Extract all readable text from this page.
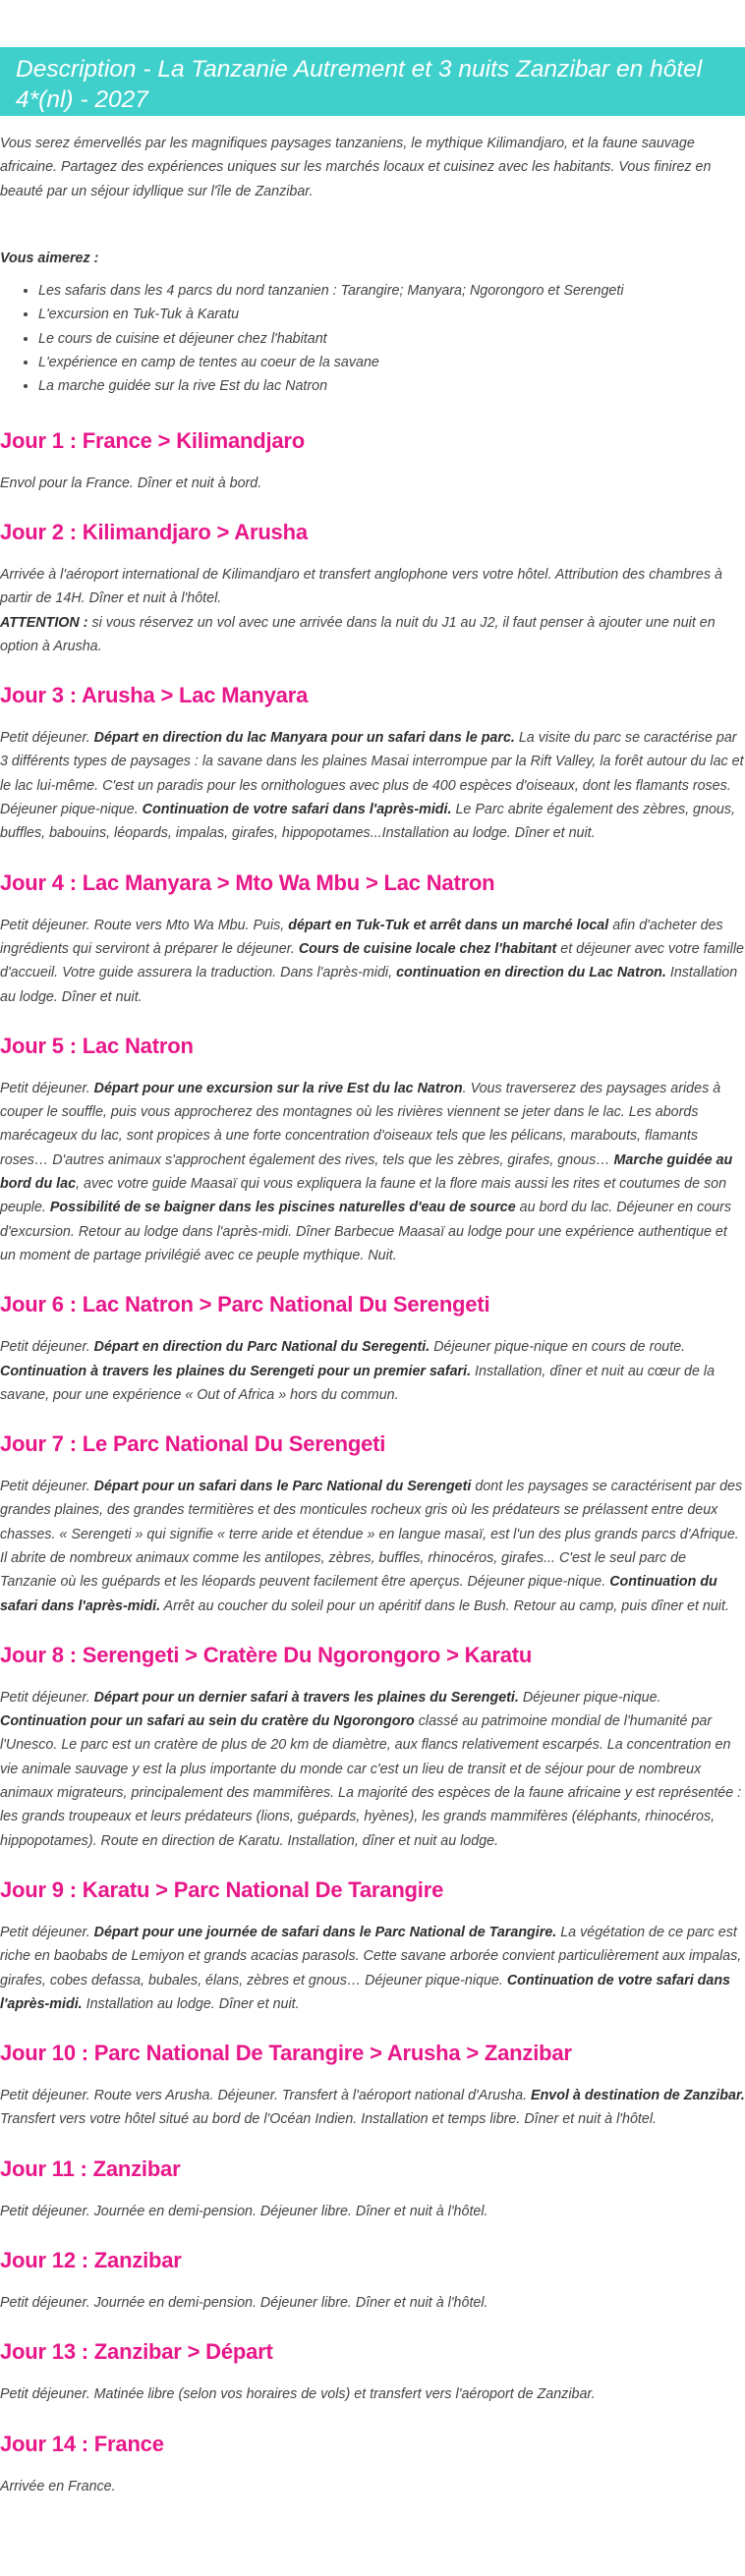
Description - La Tanzanie Autrement et 3 nuits Zanzibar en hôtel 4*(nl) - 2027

Vous serez émervellés par les magnifiques paysages tanzaniens, le mythique Kilimandjaro, et la faune sauvage africaine. Partagez des expériences uniques sur les marchés locaux et cuisinez avec les habitants. Vous finirez en beauté par un séjour idyllique sur l'île de Zanzibar.

Vous aimerez :

• Les safaris dans les 4 parcs du nord tanzanien : Tarangire; Manyara; Ngorongoro et Serengeti
• L'excursion en Tuk-Tuk à Karatu
• Le cours de cuisine et déjeuner chez l'habitant
• L'expérience en camp de tentes au coeur de la savane
• La marche guidée sur la rive Est du lac Natron
Jour 1 : France > Kilimandjaro

Envol pour la France. Dîner et nuit à bord.

Jour 2 : Kilimandjaro > Arusha

Arrivée à l'aéroport international de Kilimandjaro et transfert anglophone vers votre hôtel. Attribution des chambres à partir de 14H. Dîner et nuit à l'hôtel.
ATTENTION : si vous réservez un vol avec une arrivée dans la nuit du J1 au J2, il faut penser à ajouter une nuit en option à Arusha.

Jour 3 : Arusha > Lac Manyara

Petit déjeuner. Départ en direction du lac Manyara pour un safari dans le parc. La visite du parc se caractérise par 3 différents types de paysages : la savane dans les plaines Masai interrompue par la Rift Valley, la forêt autour du lac et le lac lui-même. C'est un paradis pour les ornithologues avec plus de 400 espèces d'oiseaux, dont les flamants roses. Déjeuner pique-nique. Continuation de votre safari dans l'après-midi. Le Parc abrite également des zèbres, gnous, buffles, babouins, léopards, impalas, girafes, hippopotames...Installation au lodge. Dîner et nuit.

Jour 4 : Lac Manyara > Mto Wa Mbu > Lac Natron

Petit déjeuner. Route vers Mto Wa Mbu. Puis, départ en Tuk-Tuk et arrêt dans un marché local afin d'acheter des ingrédients qui serviront à préparer le déjeuner. Cours de cuisine locale chez l'habitant et déjeuner avec votre famille d'accueil. Votre guide assurera la traduction. Dans l'après-midi, continuation en direction du Lac Natron. Installation au lodge. Dîner et nuit.

Jour 5 : Lac Natron

Petit déjeuner. Départ pour une excursion sur la rive Est du lac Natron. Vous traverserez des paysages arides à couper le souffle, puis vous approcherez des montagnes où les rivières viennent se jeter dans le lac. Les abords marécageux du lac, sont propices à une forte concentration d'oiseaux tels que les pélicans, marabouts, flamants roses… D'autres animaux s'approchent également des rives, tels que les zèbres, girafes, gnous… Marche guidée au bord du lac, avec votre guide Maasaï qui vous expliquera la faune et la flore mais aussi les rites et coutumes de son peuple. Possibilité de se baigner dans les piscines naturelles d'eau de source au bord du lac. Déjeuner en cours d'excursion. Retour au lodge dans l'après-midi. Dîner Barbecue Maasaï au lodge pour une expérience authentique et un moment de partage privilégié avec ce peuple mythique. Nuit.

Jour 6 : Lac Natron > Parc National Du Serengeti

Petit déjeuner. Départ en direction du Parc National du Seregenti. Déjeuner pique-nique en cours de route.
Continuation à travers les plaines du Serengeti pour un premier safari. Installation, dîner et nuit au cœur de la savane, pour une expérience « Out of Africa » hors du commun.

Jour 7 : Le Parc National Du Serengeti

Petit déjeuner. Départ pour un safari dans le Parc National du Serengeti dont les paysages se caractérisent par des grandes plaines, des grandes termitières et des monticules rocheux gris où les prédateurs se prélassent entre deux chasses. « Serengeti » qui signifie « terre aride et étendue » en langue masaï, est l'un des plus grands parcs d'Afrique. Il abrite de nombreux animaux comme les antilopes, zèbres, buffles, rhinocéros, girafes... C'est le seul parc de Tanzanie où les guépards et les léopards peuvent facilement être aperçus. Déjeuner pique-nique. Continuation du safari dans l'après-midi. Arrêt au coucher du soleil pour un apéritif dans le Bush. Retour au camp, puis dîner et nuit.

Jour 8 : Serengeti > Cratère Du Ngorongoro > Karatu

Petit déjeuner. Départ pour un dernier safari à travers les plaines du Serengeti. Déjeuner pique-nique. Continuation pour un safari au sein du cratère du Ngorongoro classé au patrimoine mondial de l'humanité par l'Unesco. Le parc est un cratère de plus de 20 km de diamètre, aux flancs relativement escarpés. La concentration en vie animale sauvage y est la plus importante du monde car c'est un lieu de transit et de séjour pour de nombreux animaux migrateurs, principalement des mammifères. La majorité des espèces de la faune africaine y est représentée : les grands troupeaux et leurs prédateurs (lions, guépards, hyènes), les grands mammifères (éléphants, rhinocéros, hippopotames). Route en direction de Karatu. Installation, dîner et nuit au lodge.

Jour 9 : Karatu > Parc National De Tarangire

Petit déjeuner. Départ pour une journée de safari dans le Parc National de Tarangire. La végétation de ce parc est riche en baobabs de Lemiyon et grands acacias parasols. Cette savane arborée convient particulièrement aux impalas, girafes, cobes defassa, bubales, élans, zèbres et gnous… Déjeuner pique-nique. Continuation de votre safari dans l'après-midi. Installation au lodge. Dîner et nuit.

Jour 10 : Parc National De Tarangire > Arusha > Zanzibar

Petit déjeuner. Route vers Arusha. Déjeuner. Transfert à l'aéroport national d'Arusha. Envol à destination de Zanzibar. Transfert vers votre hôtel situé au bord de l'Océan Indien. Installation et temps libre. Dîner et nuit à l'hôtel.

Jour 11 : Zanzibar

Petit déjeuner. Journée en demi-pension. Déjeuner libre. Dîner et nuit à l'hôtel.

Jour 12 : Zanzibar

Petit déjeuner. Journée en demi-pension. Déjeuner libre. Dîner et nuit à l'hôtel.

Jour 13 : Zanzibar > Départ

Petit déjeuner. Matinée libre (selon vos horaires de vols) et transfert vers l'aéroport de Zanzibar.

Jour 14 : France

Arrivée en France.
